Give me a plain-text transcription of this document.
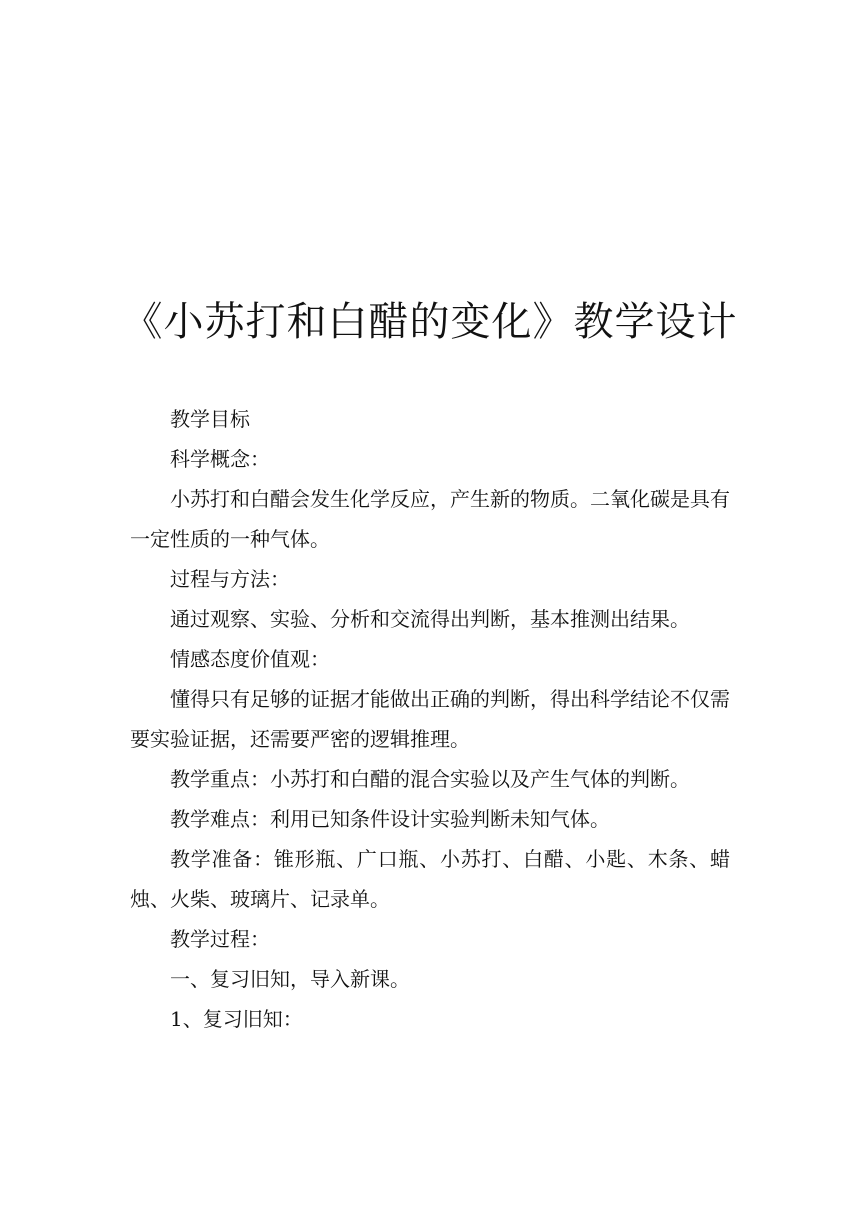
《小苏打和白醋的变化》教学设计

教学目标

科学概念：

小苏打和白醋会发生化学反应，产生新的物质。二氧化碳是具有一定性质的一种气体。

过程与方法：

通过观察、实验、分析和交流得出判断，基本推测出结果。

情感态度价值观：

懂得只有足够的证据才能做出正确的判断，得出科学结论不仅需要实验证据，还需要严密的逻辑推理。

教学重点：小苏打和白醋的混合实验以及产生气体的判断。

教学难点：利用已知条件设计实验判断未知气体。

教学准备：锥形瓶、广口瓶、小苏打、白醋、小匙、木条、蜡烛、火柴、玻璃片、记录单。

教学过程：

一、复习旧知，导入新课。

1、复习旧知：
